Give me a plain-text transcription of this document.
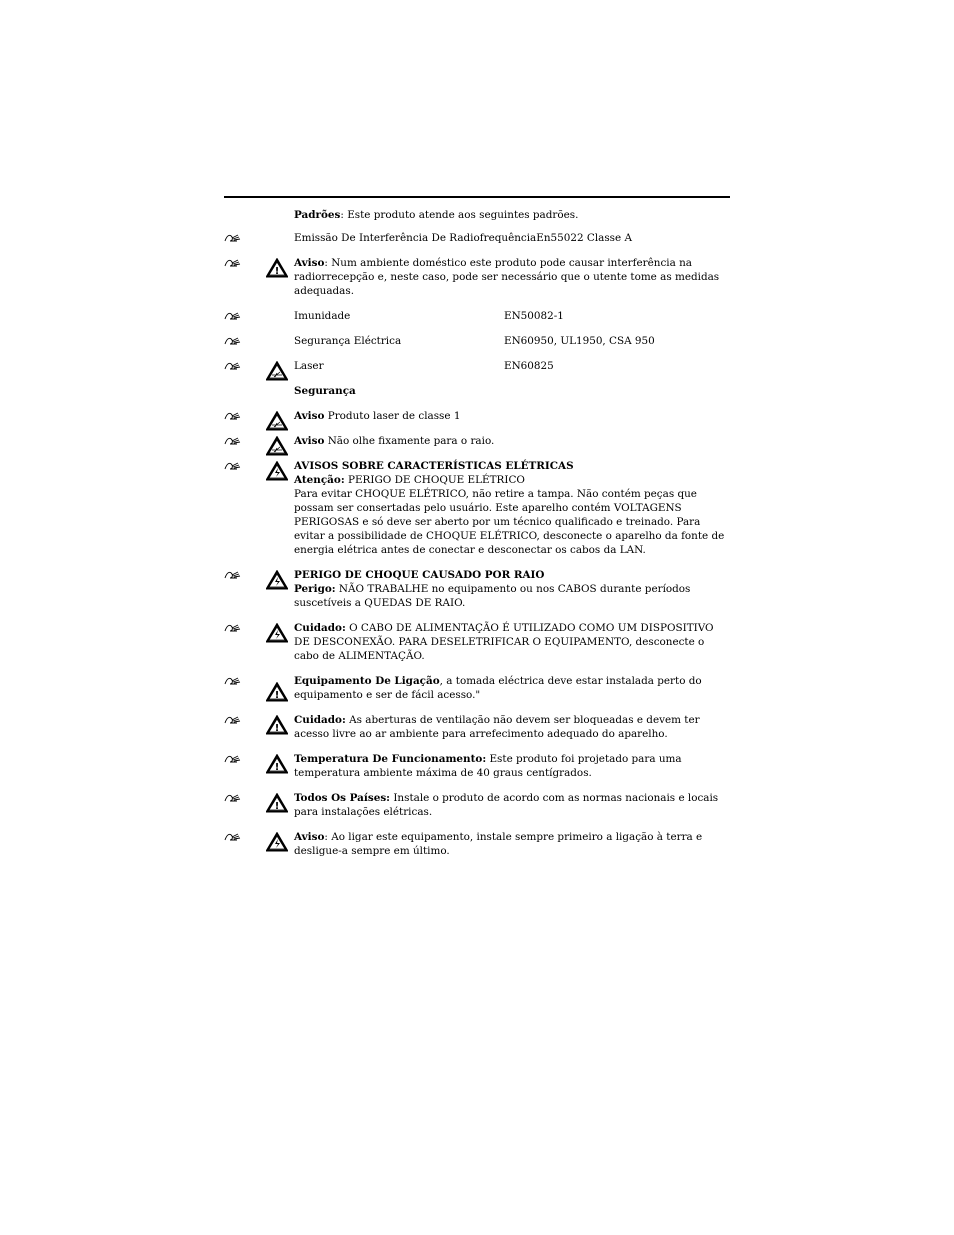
Padrões: Este produto atende aos seguintes padrões.
Emissão De Interferência De RadiofrequênciaEn55022 Classe A
!
Aviso: Num ambiente doméstico este produto pode causar interferência na radiorrecepção e, neste caso, pode ser necessário que o utente tome as medidas adequadas.
Imunidade	EN50082-1
Segurança Eléctrica	EN60950, UL1950, CSA 950
Laser	EN60825
Segurança
Aviso Produto laser de classe 1
Aviso Não olhe fixamente para o raio.
AVISOS SOBRE CARACTERÍSTICAS ELÉTRICAS
Atenção: PERIGO DE CHOQUE ELÉTRICO
Para evitar CHOQUE ELÉTRICO, não retire a tampa. Não contém peças que possam ser consertadas pelo usuário. Este aparelho contém VOLTAGENS PERIGOSAS e só deve ser aberto por um técnico qualificado e treinado. Para evitar a possibilidade de CHOQUE ELÉTRICO, desconecte o aparelho da fonte de energia elétrica antes de conectar e desconectar os cabos da LAN.
PERIGO DE CHOQUE CAUSADO POR RAIO
Perigo: NÃO TRABALHE no equipamento ou nos CABOS durante períodos suscetíveis a QUEDAS DE RAIO.
Cuidado: O CABO DE ALIMENTAÇÃO É UTILIZADO COMO UM DISPOSITIVO DE DESCONEXÃO. PARA DESELETRIFICAR O EQUIPAMENTO, desconecte o cabo de ALIMENTAÇÃO.
!
Equipamento De Ligação, a tomada eléctrica deve estar instalada perto do equipamento e ser de fácil acesso."
!
Cuidado: As aberturas de ventilação não devem ser bloqueadas e devem ter acesso livre ao ar ambiente para arrefecimento adequado do aparelho.
!
Temperatura De Funcionamento: Este produto foi projetado para uma temperatura ambiente máxima de 40 graus centígrados.
!
Todos Os Países: Instale o produto de acordo com as normas nacionais e locais para instalações elétricas.
Aviso: Ao ligar este equipamento, instale sempre primeiro a ligação à terra e desligue-a sempre em último.
